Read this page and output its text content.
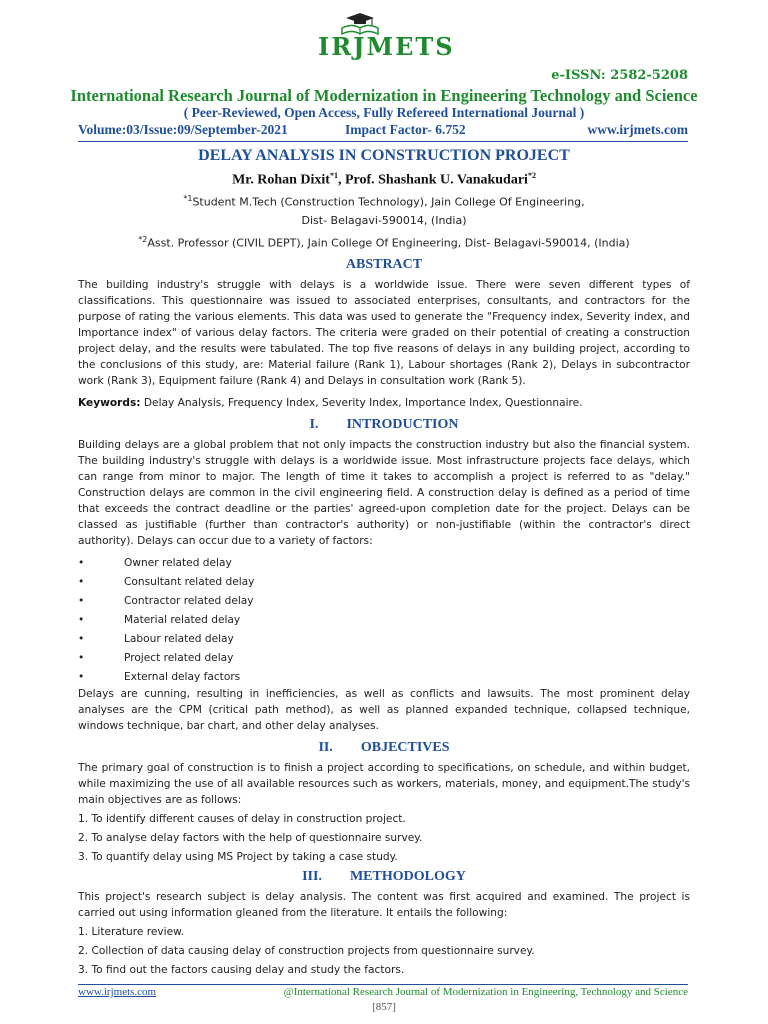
IRJMETS
e-ISSN: 2582-5208
International Research Journal of Modernization in Engineering Technology and Science
( Peer-Reviewed, Open Access, Fully Refereed International Journal )
Volume:03/Issue:09/September-2021	Impact Factor- 6.752	www.irjmets.com
DELAY ANALYSIS IN CONSTRUCTION PROJECT
Mr. Rohan Dixit$^{*1}$, Prof. Shashank U. Vanakudari$^{*2}$
$^{*1}$Student M.Tech (Construction Technology), Jain College Of Engineering,
Dist- Belagavi-590014, (India)
$^{*2}$Asst. Professor (CIVIL DEPT), Jain College Of Engineering, Dist- Belagavi-590014, (India)
ABSTRACT
The building industry's struggle with delays is a worldwide issue. There were seven different types of classifications. This questionnaire was issued to associated enterprises, consultants, and contractors for the purpose of rating the various elements. This data was used to generate the "Frequency index, Severity index, and Importance index" of various delay factors. The criteria were graded on their potential of creating a construction project delay, and the results were tabulated. The top five reasons of delays in any building project, according to the conclusions of this study, are: Material failure (Rank 1), Labour shortages (Rank 2), Delays in subcontractor work (Rank 3), Equipment failure (Rank 4) and Delays in consultation work (Rank 5).
Keywords: Delay Analysis, Frequency Index, Severity Index, Importance Index, Questionnaire.
I. INTRODUCTION
Building delays are a global problem that not only impacts the construction industry but also the financial system. The building industry's struggle with delays is a worldwide issue. Most infrastructure projects face delays, which can range from minor to major. The length of time it takes to accomplish a project is referred to as "delay." Construction delays are common in the civil engineering field. A construction delay is defined as a period of time that exceeds the contract deadline or the parties' agreed-upon completion date for the project. Delays can be classed as justifiable (further than contractor's authority) or non-justifiable (within the contractor's direct authority). Delays can occur due to a variety of factors:
•	Owner related delay
•	Consultant related delay
•	Contractor related delay
•	Material related delay
•	Labour related delay
•	Project related delay
•	External delay factors
Delays are cunning, resulting in inefficiencies, as well as conflicts and lawsuits. The most prominent delay analyses are the CPM (critical path method), as well as planned expanded technique, collapsed technique, windows technique, bar chart, and other delay analyses.
II. OBJECTIVES
The primary goal of construction is to finish a project according to specifications, on schedule, and within budget, while maximizing the use of all available resources such as workers, materials, money, and equipment.The study's main objectives are as follows:
1. To identify different causes of delay in construction project.
2. To analyse delay factors with the help of questionnaire survey.
3. To quantify delay using MS Project by taking a case study.
III. METHODOLOGY
This project's research subject is delay analysis. The content was first acquired and examined. The project is carried out using information gleaned from the literature. It entails the following:
1. Literature review.
2. Collection of data causing delay of construction projects from questionnaire survey.
3. To find out the factors causing delay and study the factors.
www.irjmets.com	@International Research Journal of Modernization in Engineering, Technology and Science
[857]
